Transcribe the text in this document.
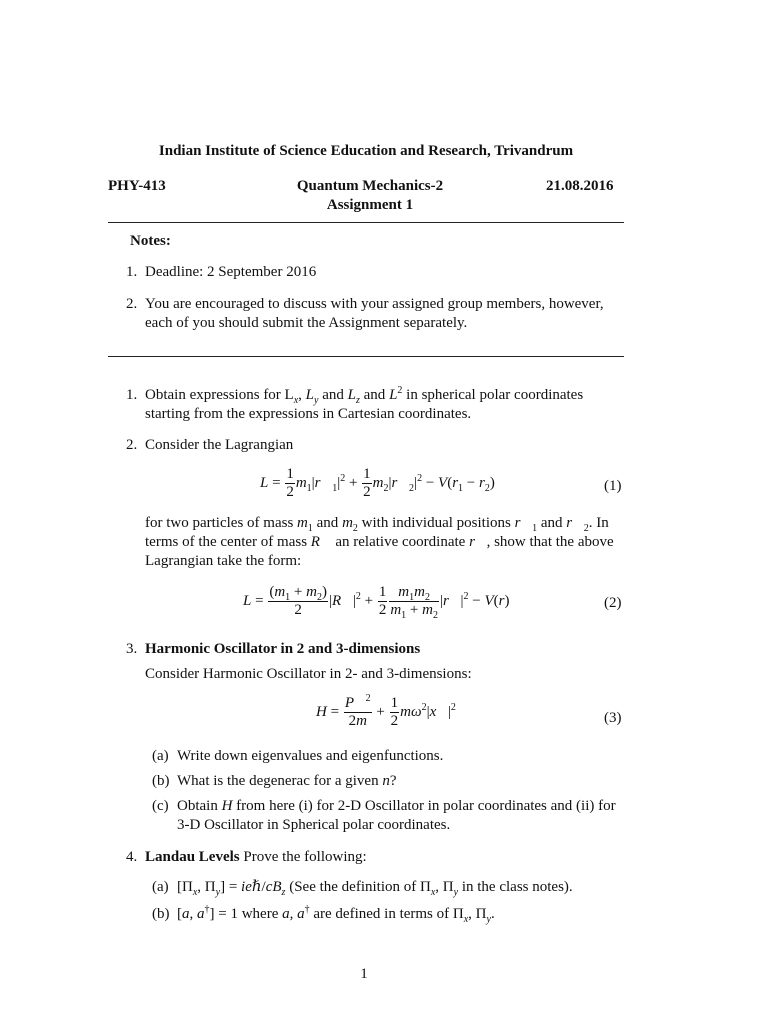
Indian Institute of Science Education and Research, Trivandrum
PHY-413	Quantum Mechanics-2
Assignment 1
21.08.2016
Notes:
1. Deadline: 2 September 2016
2. You are encouraged to discuss with your assigned group members, however, each of you should submit the Assignment separately.
1. Obtain expressions for $L_x$, $L_y$ and $L_z$ and $L^2$ in spherical polar coordinates
starting from the expressions in Cartesian coordinates.
2. Consider the Lagrangian
$L = \frac{1}{2}$ $m_1|r⃗_1|^2 + \frac{1}{2}$ $m_2|r⃗_2|^2 - V(r_1 - r_2)$	(1)
for two particles of mass $m_1$ and $m_2$ with individual positions $r⃗_1$ and $r⃗_2$. In
terms of the center of mass R⃗ an relative coordinate r⃗, show that the above
Lagrangian take the form:
$L = \frac{(m_1 + m_2)}{2}$ $|R⃗|^2 + \frac{1}{2} \frac{m_1m_2}{m_1 + m_2}$ $|r⃗|^2 - V(r)$	(2)
3. Harmonic Oscillator in 2 and 3-dimensions
Consider Harmonic Oscillator in 2- and 3-dimensions:
$H = \frac{P⃗^2}{2m} + \frac{1}{2}$ $m\omega^2|x⃗|^2$
(3)
(a) Write down eigenvalues and eigenfunctions.
(b) What is the degenerac for a given n?
(c) Obtain H from here (i) for 2-D Oscillator in polar coordinates and (ii) for 3-D Oscillator in Spherical polar coordinates.
4. Landau Levels Prove the following:
(a) [$\Pi_x$, $\Pi_y$] = ieℏ/$cB_z$ (See the definition of $\Pi_x$, $\Pi_y$ in the class notes).
(b) [a, a†] = 1 where a, a† are defined in terms of $\Pi_x$, $\Pi_y$.
1
